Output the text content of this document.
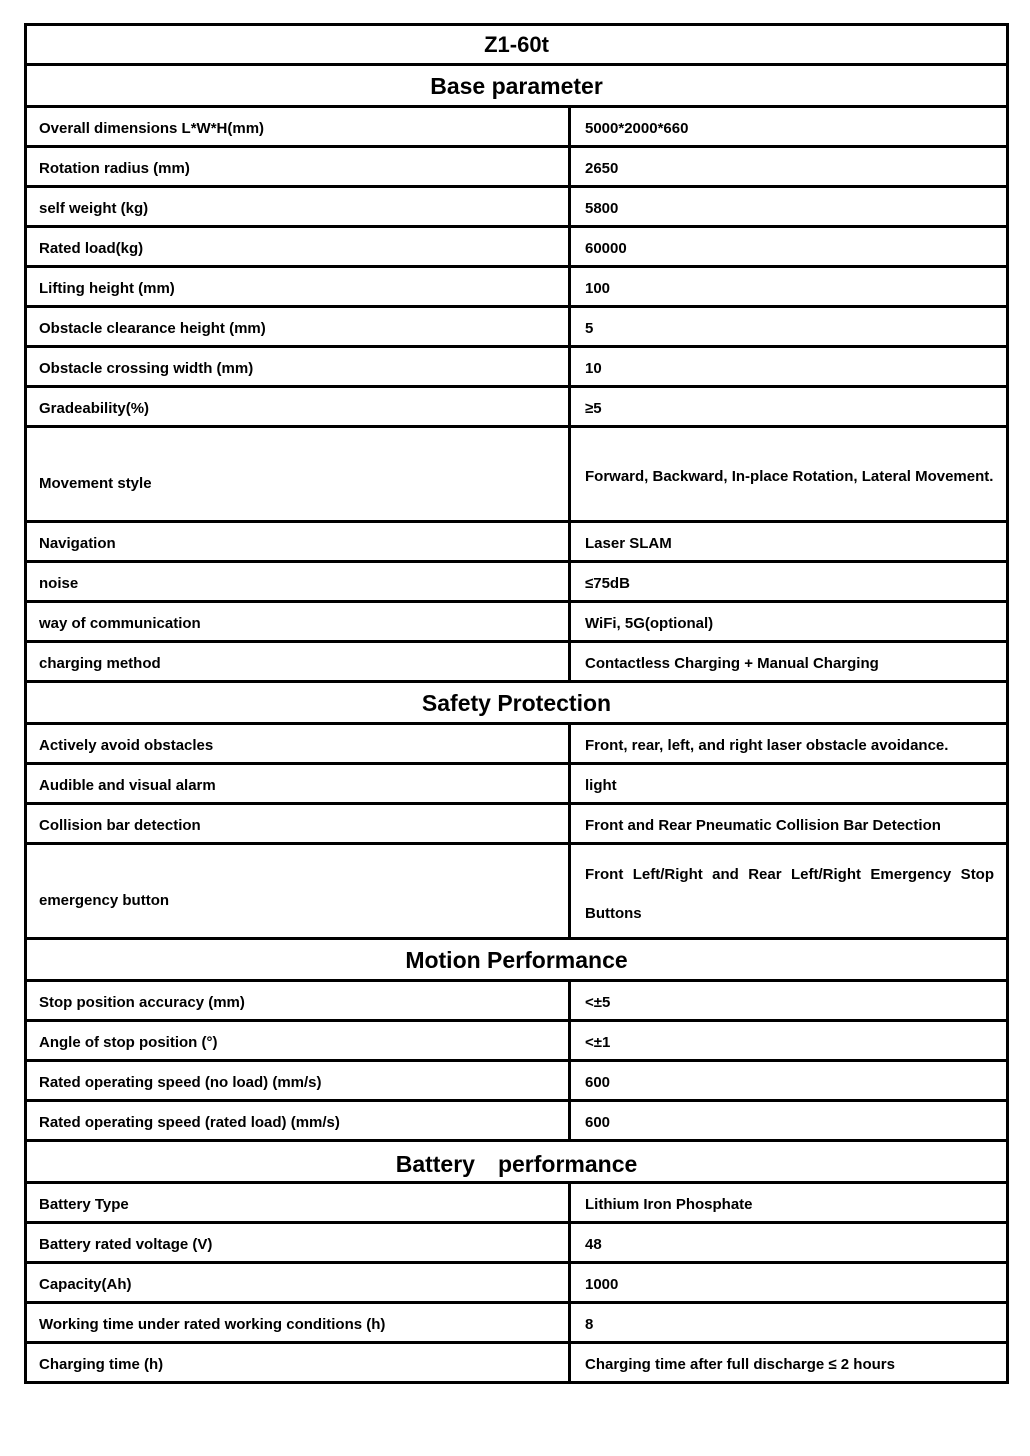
Z1-60t	
Base parameter	

Overall dimensions L*W*H(mm)	5000*2000*660

Rotation radius (mm)	2650

self weight (kg)	5800

Rated load(kg)	60000

Lifting height (mm)	100

Obstacle clearance height (mm)	5

Obstacle crossing width (mm)	10

Gradeability(%)	≥5

Movement style	Forward, Backward, In-place Rotation, Lateral Movement.

Navigation	Laser SLAM

noise	≤75dB

way of communication	WiFi, 5G(optional)

charging method	Contactless Charging + Manual Charging

Safety Protection	

Actively avoid obstacles	Front, rear, left, and right laser obstacle avoidance.

Audible and visual alarm	light

Collision bar detection	Front and Rear Pneumatic Collision Bar Detection

emergency button	Front Left/Right and Rear Left/Right Emergency Stop Buttons

Motion Performance	

Stop position accuracy (mm)	<±5

Angle of stop position (°)	<±1

Rated operating speed (no load) (mm/s)	600

Rated operating speed (rated load) (mm/s)	600

Battery　performance	

Battery Type	Lithium Iron Phosphate

Battery rated voltage (V)	48

Capacity(Ah)	1000

Working time under rated working conditions (h)	8

Charging time (h)	Charging time after full discharge ≤ 2 hours
